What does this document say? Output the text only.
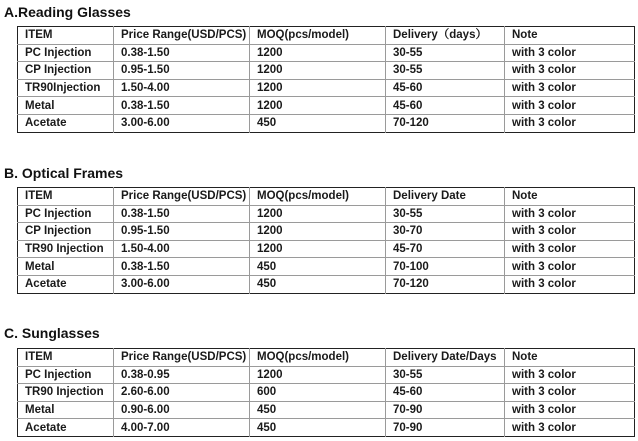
A.Reading Glasses
ITEM	Price Range(USD/PCS)	MOQ(pcs/model)	Delivery（days）	Note
PC Injection	0.38-1.50	1200	30-55	with 3 color
CP Injection	0.95-1.50	1200	30-55	with 3 color
TR90Injection	1.50-4.00	1200	45-60	with 3 color
Metal	0.38-1.50	1200	45-60	with 3 color
Acetate	3.00-6.00	450	70-120	with 3 color
B. Optical Frames
ITEM	Price Range(USD/PCS)	MOQ(pcs/model)	Delivery Date	Note
PC Injection	0.38-1.50	1200	30-55	with 3 color
CP Injection	0.95-1.50	1200	30-70	with 3 color
TR90 Injection	1.50-4.00	1200	45-70	with 3 color
Metal	0.38-1.50	450	70-100	with 3 color
Acetate	3.00-6.00	450	70-120	with 3 color
C. Sunglasses
ITEM	Price Range(USD/PCS)	MOQ(pcs/model)	Delivery Date/Days	Note
PC Injection	0.38-0.95	1200	30-55	with 3 color
TR90 Injection	2.60-6.00	600	45-60	with 3 color
Metal	0.90-6.00	450	70-90	with 3 color
Acetate	4.00-7.00	450	70-90	with 3 color
